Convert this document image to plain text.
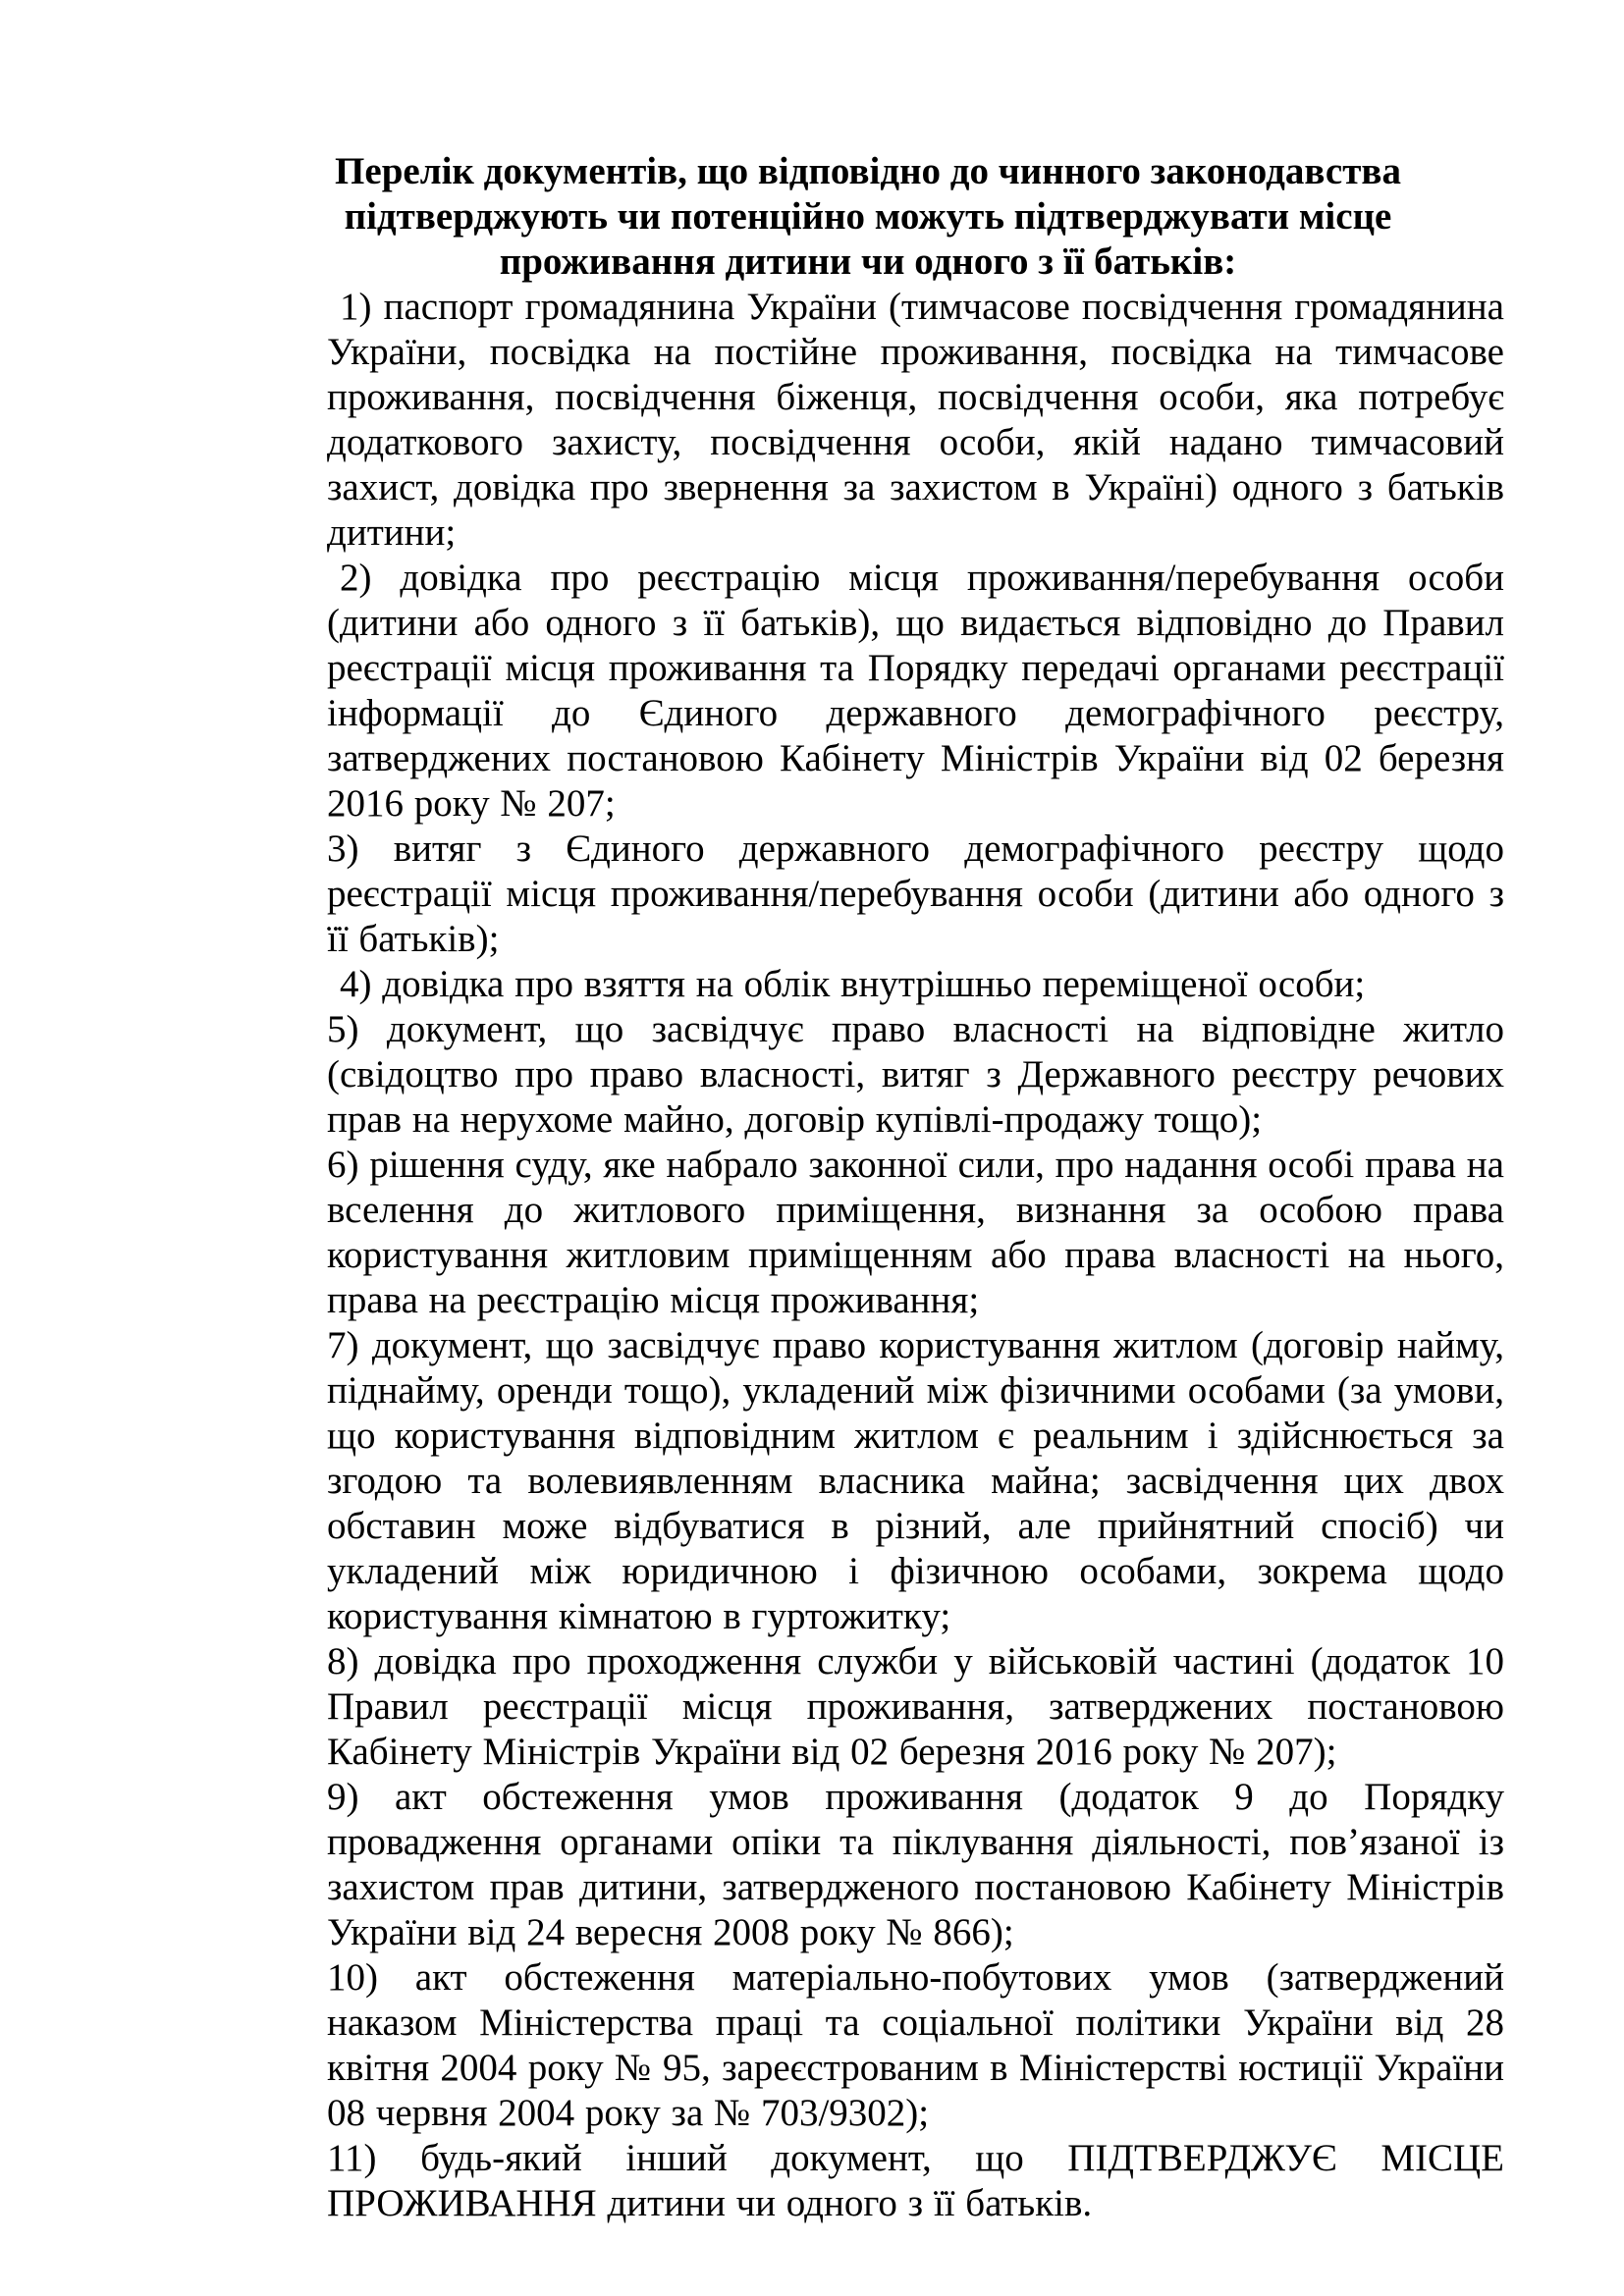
Перелік документів, що відповідно до чинного законодавства підтверджують чи потенційно можуть підтверджувати місце проживання дитини чи одного з її батьків:

1) паспорт громадянина України (тимчасове посвідчення громадянина України, посвідка на постійне проживання, посвідка на тимчасове проживання, посвідчення біженця, посвідчення особи, яка потребує додаткового захисту, посвідчення особи, якій надано тимчасовий захист, довідка про звернення за захистом в Україні) одного з батьків дитини;

2) довідка про реєстрацію місця проживання/перебування особи (дитини або одного з її батьків), що видається відповідно до Правил реєстрації місця проживання та Порядку передачі органами реєстрації інформації до Єдиного державного демографічного реєстру, затверджених постановою Кабінету Міністрів України від 02 березня 2016 року № 207;

3) витяг з Єдиного державного демографічного реєстру щодо реєстрації місця проживання/перебування особи (дитини або одного з її батьків);

4) довідка про взяття на облік внутрішньо переміщеної особи;

5) документ, що засвідчує право власності на відповідне житло (свідоцтво про право власності, витяг з Державного реєстру речових прав на нерухоме майно, договір купівлі-продажу тощо);

6) рішення суду, яке набрало законної сили, про надання особі права на вселення до житлового приміщення, визнання за особою права користування житловим приміщенням або права власності на нього, права на реєстрацію місця проживання;

7) документ, що засвідчує право користування житлом (договір найму, піднайму, оренди тощо), укладений між фізичними особами (за умови, що користування відповідним житлом є реальним і здійснюється за згодою та волевиявленням власника майна; засвідчення цих двох обставин може відбуватися в різний, але прийнятний спосіб) чи укладений між юридичною і фізичною особами, зокрема щодо користування кімнатою в гуртожитку;

8) довідка про проходження служби у військовій частині (додаток 10 Правил реєстрації місця проживання, затверджених постановою Кабінету Міністрів України від 02 березня 2016 року № 207);

9) акт обстеження умов проживання (додаток 9 до Порядку провадження органами опіки та піклування діяльності, пов’язаної із захистом прав дитини, затвердженого постановою Кабінету Міністрів України від 24 вересня 2008 року № 866);

10) акт обстеження матеріально-побутових умов (затверджений наказом Міністерства праці та соціальної політики України від 28 квітня 2004 року № 95, зареєстрованим в Міністерстві юстиції України 08 червня 2004 року за № 703/9302);

11) будь-який інший документ, що ПІДТВЕРДЖУЄ МІСЦЕ ПРОЖИВАННЯ дитини чи одного з її батьків.
